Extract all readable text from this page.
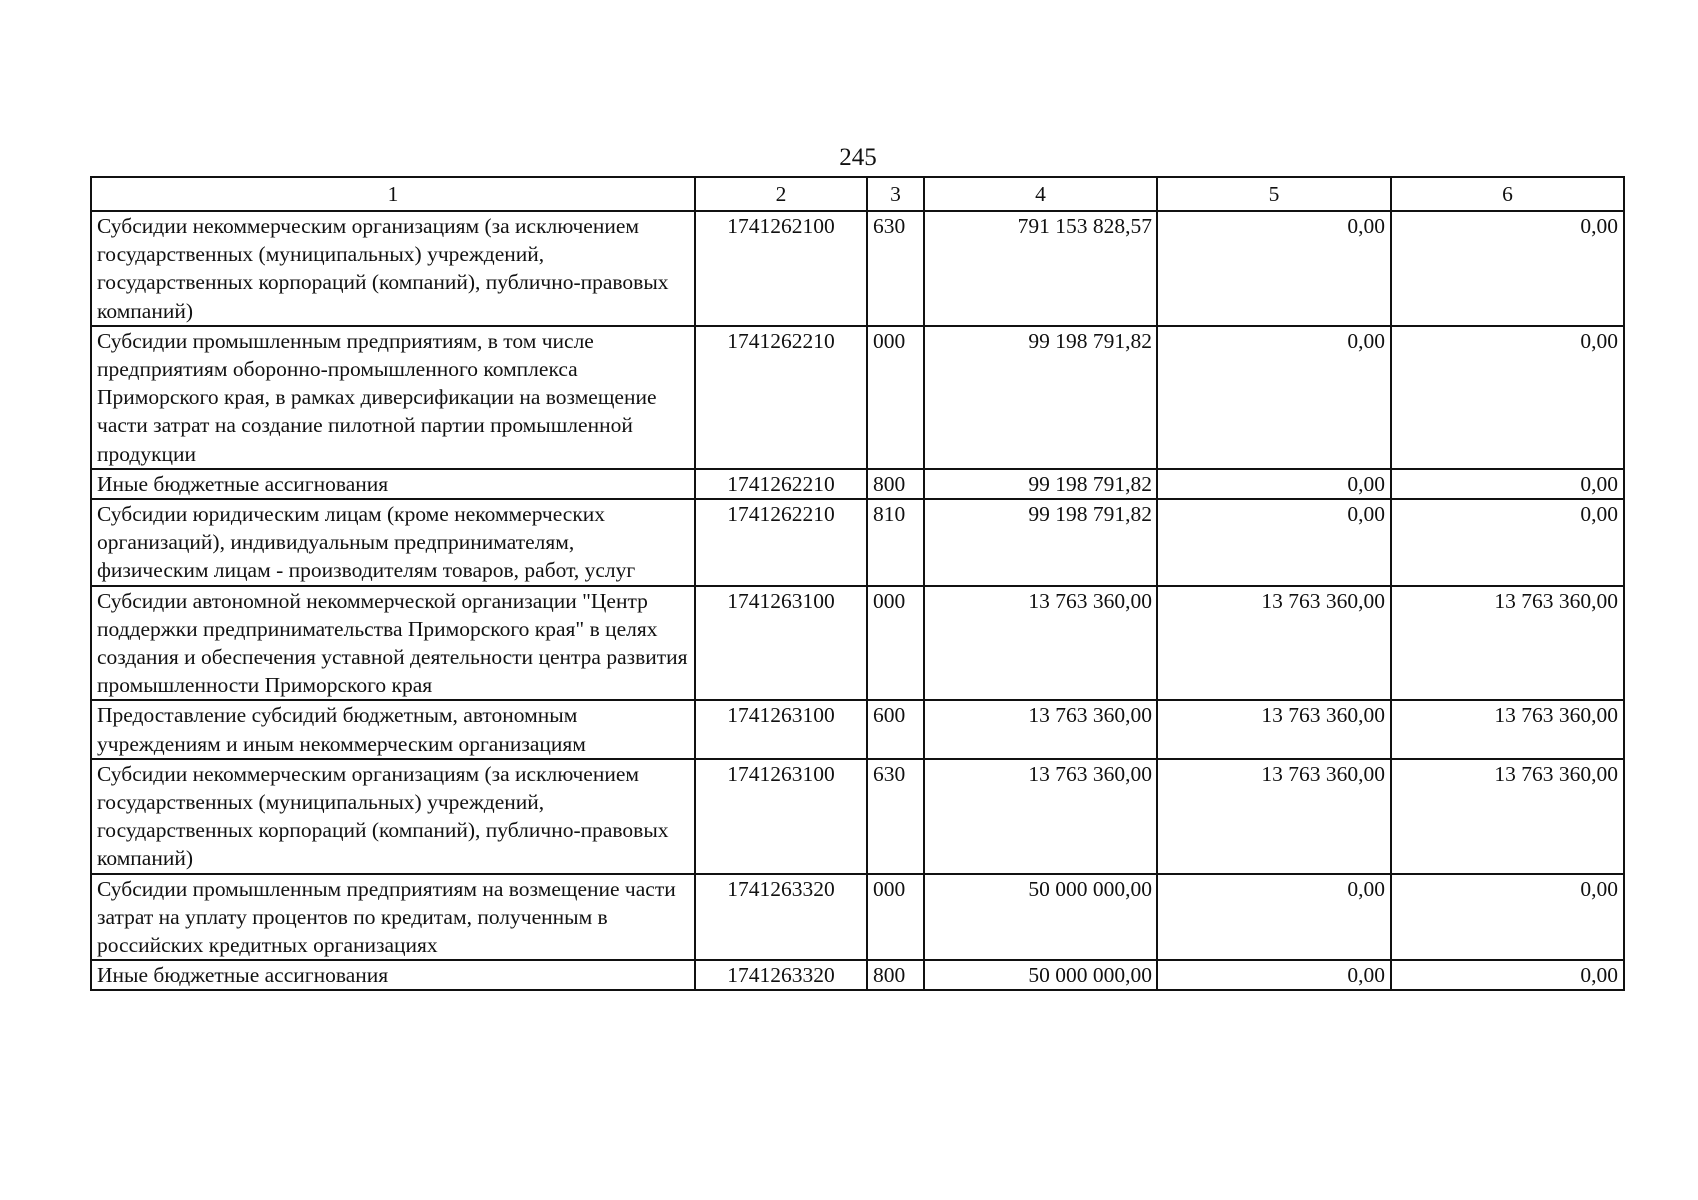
245
1	2	3	4	5	6
Субсидии некоммерческим организациям (за исключением государственных (муниципальных) учреждений, государственных корпораций (компаний), публично-правовых компаний)	1741262100	630	791 153 828,57	0,00	0,00
Субсидии промышленным предприятиям, в том числе предприятиям оборонно-промышленного комплекса Приморского края, в рамках диверсификации на возмещение части затрат на создание пилотной партии промышленной продукции	1741262210	000	99 198 791,82	0,00	0,00
Иные бюджетные ассигнования	1741262210	800	99 198 791,82	0,00	0,00
Субсидии юридическим лицам (кроме некоммерческих организаций), индивидуальным предпринимателям, физическим лицам - производителям товаров, работ, услуг	1741262210	810	99 198 791,82	0,00	0,00
Субсидии автономной некоммерческой организации "Центр поддержки предпринимательства Приморского края" в целях создания и обеспечения уставной деятельности центра развития промышленности Приморского края	1741263100	000	13 763 360,00	13 763 360,00	13 763 360,00
Предоставление субсидий бюджетным, автономным учреждениям и иным некоммерческим организациям	1741263100	600	13 763 360,00	13 763 360,00	13 763 360,00
Субсидии некоммерческим организациям (за исключением государственных (муниципальных) учреждений, государственных корпораций (компаний), публично-правовых компаний)	1741263100	630	13 763 360,00	13 763 360,00	13 763 360,00
Субсидии промышленным предприятиям на возмещение части затрат на уплату процентов по кредитам, полученным в российских кредитных организациях	1741263320	000	50 000 000,00	0,00	0,00
Иные бюджетные ассигнования	1741263320	800	50 000 000,00	0,00	0,00
